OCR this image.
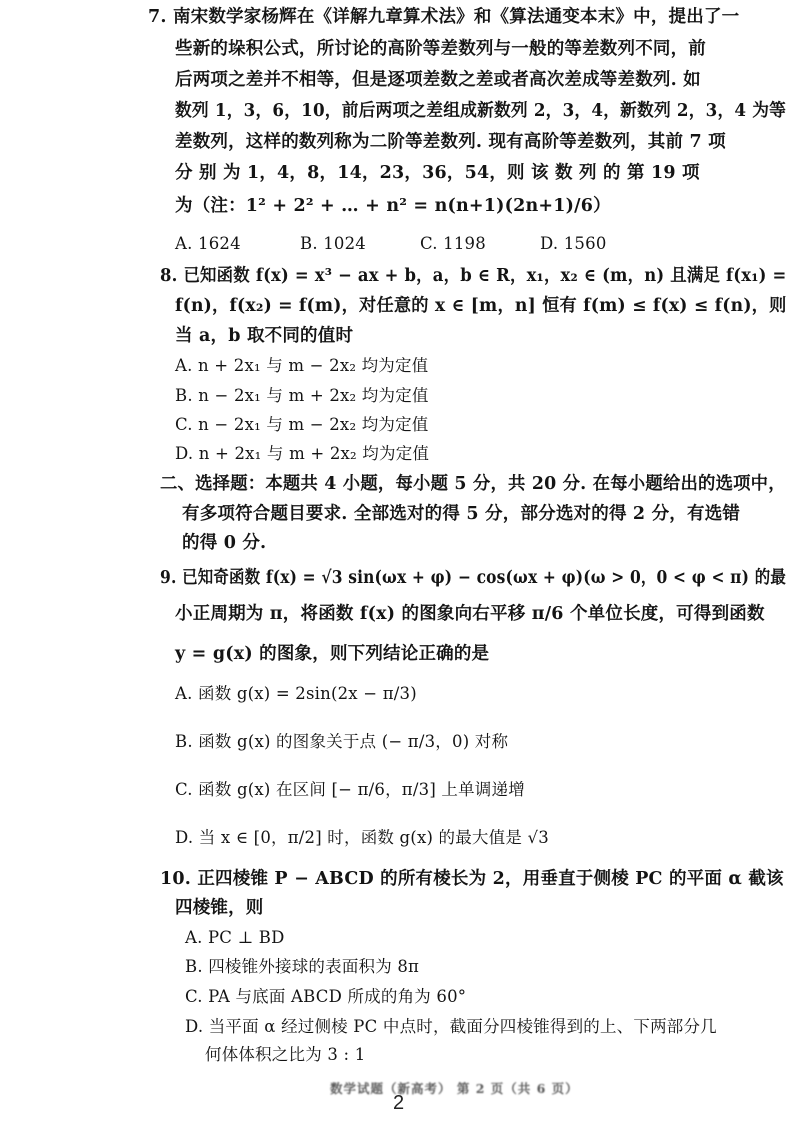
7. 南宋数学家杨辉在《详解九章算术法》和《算法通变本末》中，提出了一
些新的垛积公式，所讨论的高阶等差数列与一般的等差数列不同，前
后两项之差并不相等，但是逐项差数之差或者高次差成等差数列. 如
数列 1，3，6，10，前后两项之差组成新数列 2，3，4，新数列 2，3，4 为等
差数列，这样的数列称为二阶等差数列. 现有高阶等差数列，其前 7 项
分 别 为 1，4，8，14，23，36，54，则 该 数 列 的 第 19 项
为（注：1² + 2² + … + n² = n(n+1)(2n+1)/6）
A. 1624	B. 1024	C. 1198	D. 1560
8. 已知函数 f(x) = x³ − ax + b，a，b ∈ R，x₁，x₂ ∈ (m，n) 且满足 f(x₁) =
f(n)，f(x₂) = f(m)，对任意的 x ∈ [m，n] 恒有 f(m) ≤ f(x) ≤ f(n)，则
当 a，b 取不同的值时
A. n + 2x₁ 与 m − 2x₂ 均为定值
B. n − 2x₁ 与 m + 2x₂ 均为定值
C. n − 2x₁ 与 m − 2x₂ 均为定值
D. n + 2x₁ 与 m + 2x₂ 均为定值
二、选择题：本题共 4 小题，每小题 5 分，共 20 分. 在每小题给出的选项中，
有多项符合题目要求. 全部选对的得 5 分，部分选对的得 2 分，有选错
的得 0 分.
9. 已知奇函数 f(x) = √3 sin(ωx + φ) − cos(ωx + φ)(ω > 0，0 < φ < π) 的最
小正周期为 π，将函数 f(x) 的图象向右平移 π/6 个单位长度，可得到函数
y = g(x) 的图象，则下列结论正确的是
A. 函数 g(x) = 2sin(2x − π/3)
B. 函数 g(x) 的图象关于点 (− π/3，0) 对称
C. 函数 g(x) 在区间 [− π/6，π/3] 上单调递增
D. 当 x ∈ [0，π/2] 时，函数 g(x) 的最大值是 √3
10. 正四棱锥 P − ABCD 的所有棱长为 2，用垂直于侧棱 PC 的平面 α 截该
四棱锥，则
A. PC ⊥ BD
B. 四棱锥外接球的表面积为 8π
C. PA 与底面 ABCD 所成的角为 60°
D. 当平面 α 经过侧棱 PC 中点时，截面分四棱锥得到的上、下两部分几
何体体积之比为 3 : 1
数学试题（新高考） 第 2 页（共 6 页）
2
